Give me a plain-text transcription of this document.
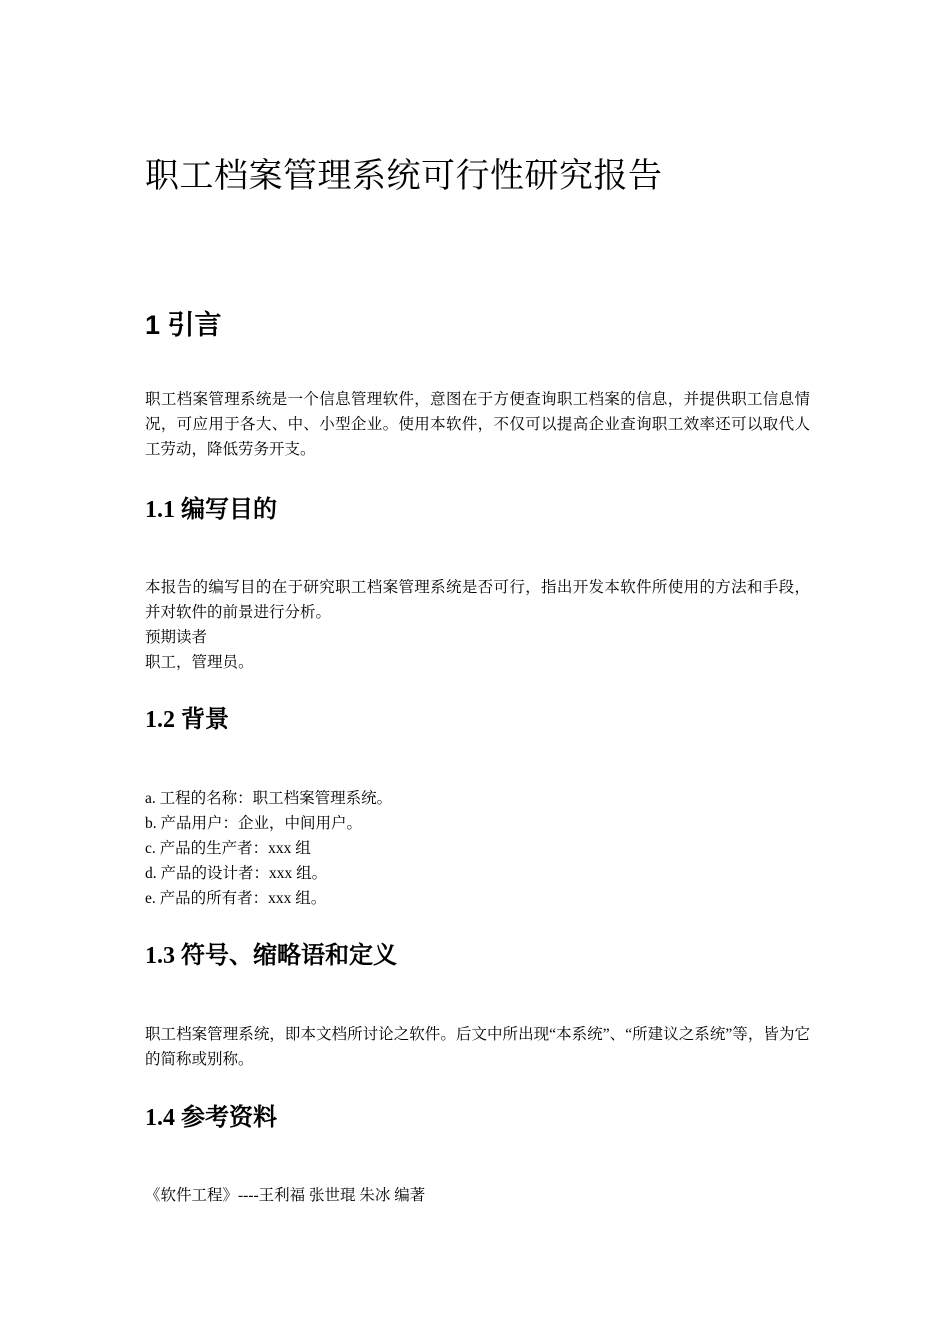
职工档案管理系统可行性研究报告
1 引言

职工档案管理系统是一个信息管理软件，意图在于方便查询职工档案的信息，并提供职工信息情况，可应用于各大、中、小型企业。使用本软件，不仅可以提高企业查询职工效率还可以取代人工劳动，降低劳务开支。

1.1 编写目的

本报告的编写目的在于研究职工档案管理系统是否可行，指出开发本软件所使用的方法和手段，并对软件的前景进行分析。

预期读者

职工，管理员。

1.2 背景
a. 工程的名称：职工档案管理系统。
b. 产品用户：企业，中间用户。
c. 产品的生产者：xxx 组
d. 产品的设计者：xxx 组。
e. 产品的所有者：xxx 组。
1.3 符号、缩略语和定义

职工档案管理系统，即本文档所讨论之软件。后文中所出现“本系统”、“所建议之系统”等，皆为它的简称或别称。

1.4 参考资料
《软件工程》----王利福 张世琨 朱冰 编著
